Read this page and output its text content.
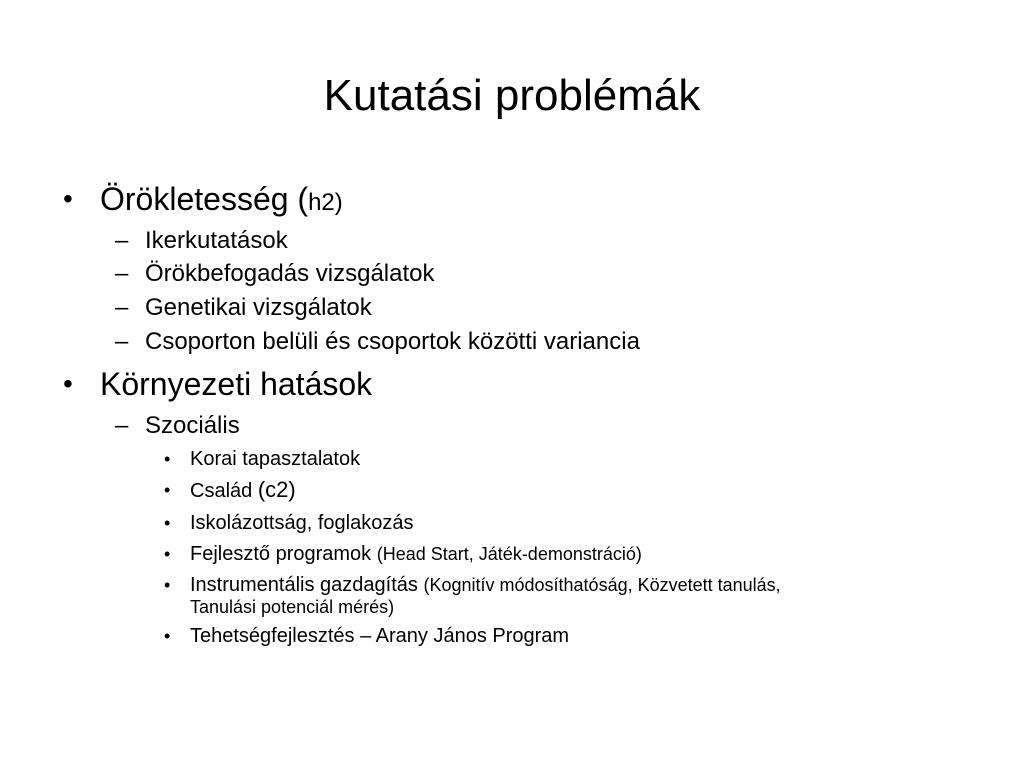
Kutatási problémák
• Örökletesség (h2)
– Ikerkutatások
– Örökbefogadás vizsgálatok
– Genetikai vizsgálatok
– Csoporton belüli és csoportok közötti variancia
• Környezeti hatások
– Szociális
• Korai tapasztalatok
• Család (c2)
• Iskolázottság, foglakozás
• Fejlesztő programok (Head Start, Játék-demonstráció)
• Instrumentális gazdagítás (Kognitív módosíthatóság, Közvetett tanulás,
Tanulási potenciál mérés)
• Tehetségfejlesztés – Arany János Program
